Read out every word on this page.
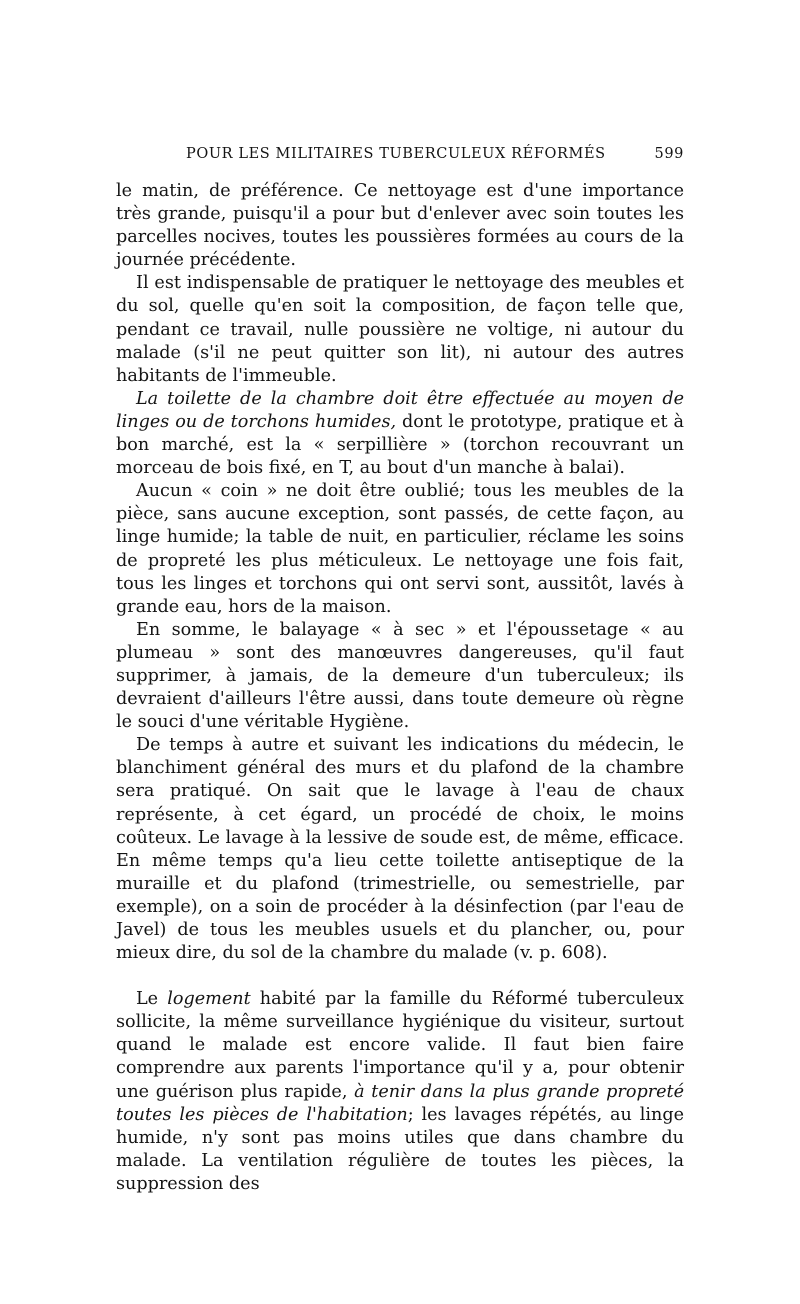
POUR LES MILITAIRES TUBERCULEUX RÉFORMÉS	599

le matin, de préférence. Ce nettoyage est d'une importance très grande, puisqu'il a pour but d'enlever avec soin toutes les parcelles nocives, toutes les poussières formées au cours de la journée précédente.

Il est indispensable de pratiquer le nettoyage des meubles et du sol, quelle qu'en soit la composition, de façon telle que, pendant ce travail, nulle poussière ne voltige, ni autour du malade (s'il ne peut quitter son lit), ni autour des autres habitants de l'immeuble.

La toilette de la chambre doit être effectuée au moyen de linges ou de torchons humides, dont le prototype, pratique et à bon marché, est la « serpillière » (torchon recouvrant un morceau de bois fixé, en T, au bout d'un manche à balai).

Aucun « coin » ne doit être oublié; tous les meubles de la pièce, sans aucune exception, sont passés, de cette façon, au linge humide; la table de nuit, en particulier, réclame les soins de propreté les plus méticuleux. Le nettoyage une fois fait, tous les linges et torchons qui ont servi sont, aussitôt, lavés à grande eau, hors de la maison.

En somme, le balayage « à sec » et l'époussetage « au plumeau » sont des manœuvres dangereuses, qu'il faut supprimer, à jamais, de la demeure d'un tuberculeux; ils devraient d'ailleurs l'être aussi, dans toute demeure où règne le souci d'une véritable Hygiène.

De temps à autre et suivant les indications du médecin, le blanchiment général des murs et du plafond de la chambre sera pratiqué. On sait que le lavage à l'eau de chaux représente, à cet égard, un procédé de choix, le moins coûteux. Le lavage à la lessive de soude est, de même, efficace. En même temps qu'a lieu cette toilette antiseptique de la muraille et du plafond (trimestrielle, ou semestrielle, par exemple), on a soin de procéder à la désinfection (par l'eau de Javel) de tous les meubles usuels et du plancher, ou, pour mieux dire, du sol de la chambre du malade (v. p. 608).

Le logement habité par la famille du Réformé tuberculeux sollicite, la même surveillance hygiénique du visiteur, surtout quand le malade est encore valide. Il faut bien faire comprendre aux parents l'importance qu'il y a, pour obtenir une guérison plus rapide, à tenir dans la plus grande propreté toutes les pièces de l'habitation; les lavages répétés, au linge humide, n'y sont pas moins utiles que dans chambre du malade. La ventilation régulière de toutes les pièces, la suppression des
